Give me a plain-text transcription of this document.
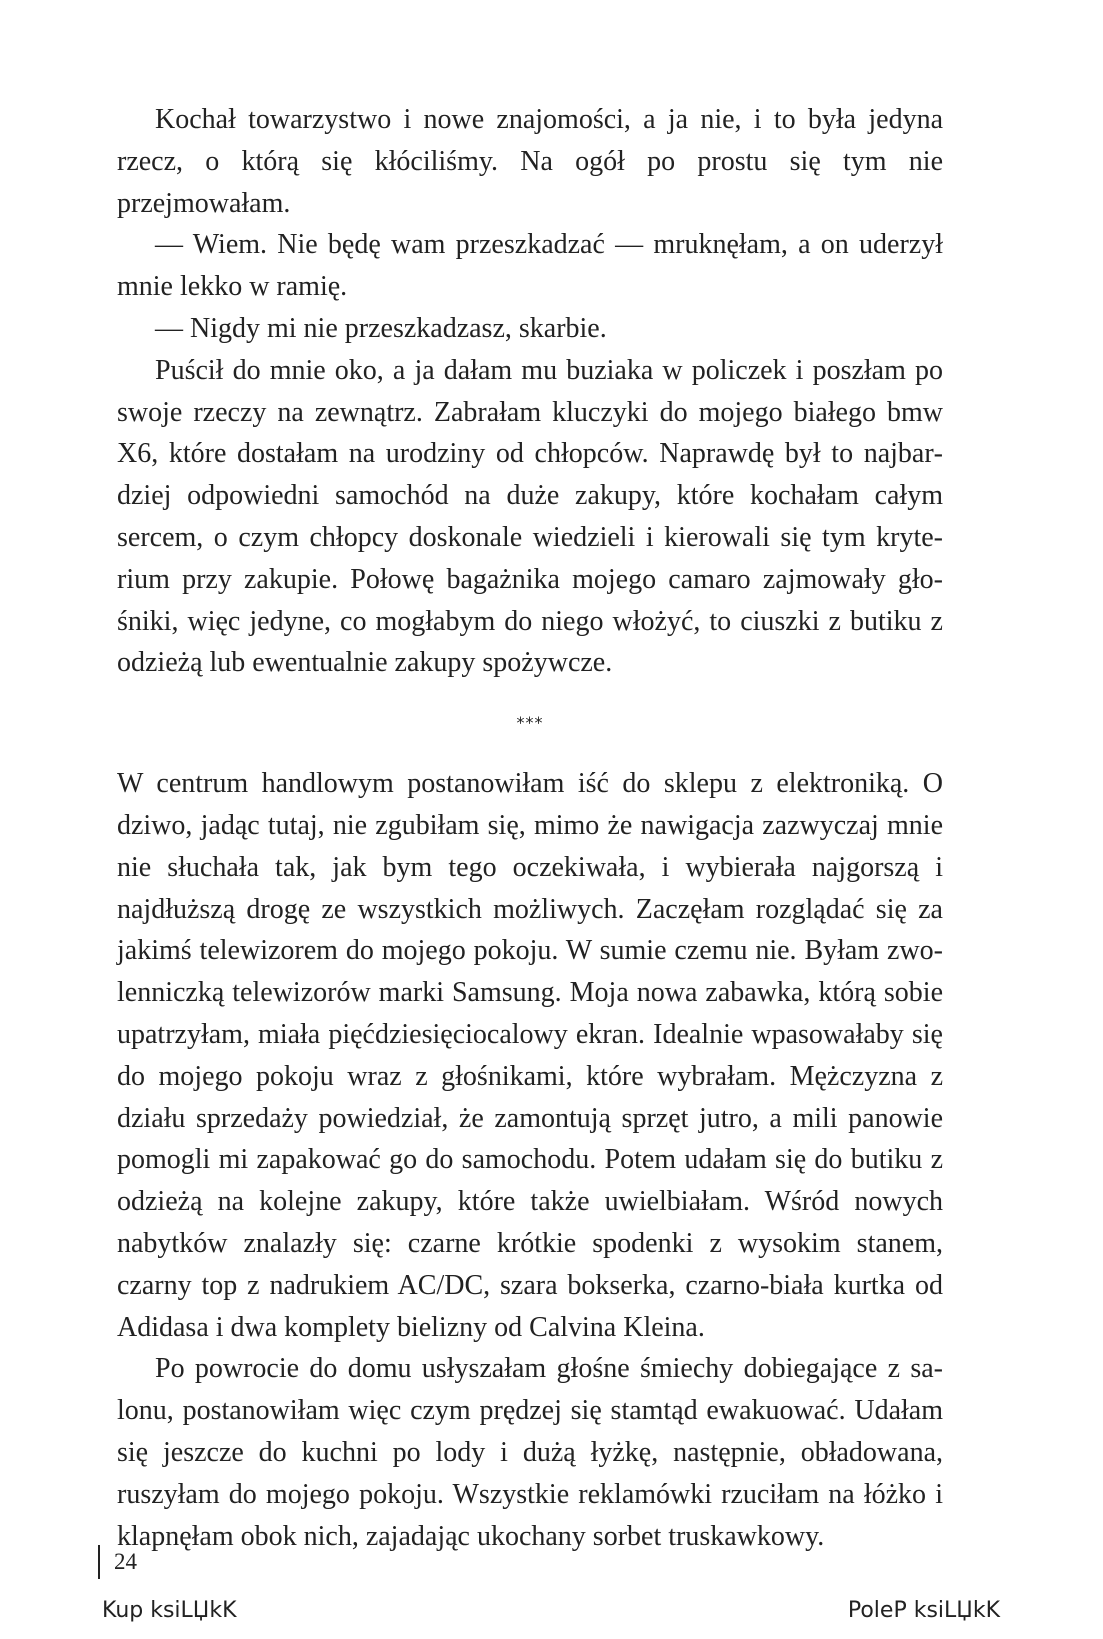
Kochał towarzystwo i nowe znajomości, a ja nie, i to była jedyna rzecz, o którą się kłóciliśmy. Na ogół po prostu się tym nie przejmowałam.

— Wiem. Nie będę wam przeszkadzać — mruknęłam, a on uderzył mnie lekko w ramię.

— Nigdy mi nie przeszkadzasz, skarbie.

Puścił do mnie oko, a ja dałam mu buziaka w policzek i poszłam po swoje rzeczy na zewnątrz. Zabrałam kluczyki do mojego białego bmw X6, które dostałam na urodziny od chłopców. Naprawdę był to najbardziej odpowiedni samochód na duże zakupy, które kochałam całym sercem, o czym chłopcy doskonale wiedzieli i kierowali się tym kryterium przy zakupie. Połowę bagażnika mojego camaro zajmowały głośniki, więc jedyne, co mogłabym do niego włożyć, to ciuszki z butiku z odzieżą lub ewentualnie zakupy spożywcze.

***

W centrum handlowym postanowiłam iść do sklepu z elektroniką. O dziwo, jadąc tutaj, nie zgubiłam się, mimo że nawigacja zazwyczaj mnie nie słuchała tak, jak bym tego oczekiwała, i wybierała najgorszą i najdłuższą drogę ze wszystkich możliwych. Zaczęłam rozglądać się za jakimś telewizorem do mojego pokoju. W sumie czemu nie. Byłam zwolenniczką telewizorów marki Samsung. Moja nowa zabawka, którą sobie upatrzyłam, miała pięćdziesięciocalowy ekran. Idealnie wpasowałaby się do mojego pokoju wraz z głośnikami, które wybrałam. Mężczyzna z działu sprzedaży powiedział, że zamontują sprzęt jutro, a mili panowie pomogli mi zapakować go do samochodu. Potem udałam się do butiku z odzieżą na kolejne zakupy, które także uwielbiałam. Wśród nowych nabytków znalazły się: czarne krótkie spodenki z wysokim stanem, czarny top z nadrukiem AC/DC, szara bokserka, czarno-biała kurtka od Adidasa i dwa komplety bielizny od Calvina Kleina.

Po powrocie do domu usłyszałam głośne śmiechy dobiegające z salonu, postanowiłam więc czym prędzej się stamtąd ewakuować. Udałam się jeszcze do kuchni po lody i dużą łyżkę, następnie, obładowana, ruszyłam do mojego pokoju. Wszystkie reklamówki rzuciłam na łóżko i klapnęłam obok nich, zajadając ukochany sorbet truskawkowy.

24
Kup ksiLЏkK	PoleP ksiLЏkK
